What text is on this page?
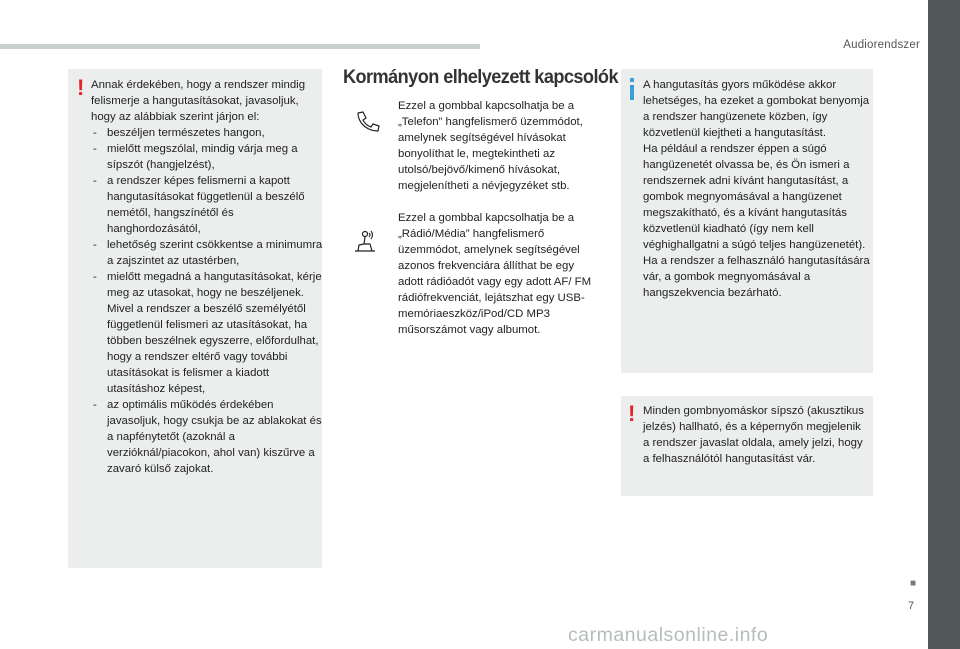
Audiorendszer
! Annak érdekében, hogy a rendszer mindig felismerje a hangutasításokat, javasoljuk, hogy az alábbiak szerint járjon el:
- beszéljen természetes hangon,
- mielőtt megszólal, mindig várja meg a sípszót (hangjelzést),
- a rendszer képes felismerni a kapott hangutasításokat függetlenül a beszélő nemétől, hangszínétől és hanghordozásától,
- lehetőség szerint csökkentse a minimumra a zajszintet az utastérben,
- mielőtt megadná a hangutasításokat, kérje meg az utasokat, hogy ne beszéljenek. Mivel a rendszer a beszélő személyétől függetlenül felismeri az utasításokat, ha többen beszélnek egyszerre, előfordulhat, hogy a rendszer eltérő vagy további utasításokat is felismer a kiadott utasításhoz képest,
- az optimális működés érdekében javasoljuk, hogy csukja be az ablakokat és a napfénytetőt (azoknál a verzióknál/piacokon, ahol van) kiszűrve a zavaró külső zajokat.
Kormányon elhelyezett kapcsolók
Ezzel a gombbal kapcsolhatja be a „Telefon” hangfelismerő üzemmódot, amelynek segítségével hívásokat bonyolíthat le, megtekintheti az utolsó/bejövő/kimenő hívásokat, megjelenítheti a névjegyzéket stb.
Ezzel a gombbal kapcsolhatja be a „Rádió/Média” hangfelismerő üzemmódot, amelynek segítségével azonos frekvenciára állíthat be egy adott rádióadót vagy egy adott AF/ FM rádiófrekvenciát, lejátszhat egy USB-memóriaeszköz/iPod/CD MP3 műsorszámot vagy albumot.
A hangutasítás gyors működése akkor lehetséges, ha ezeket a gombokat benyomja a rendszer hangüzenete közben, így közvetlenül kiejtheti a hangutasítást.
Ha például a rendszer éppen a súgó hangüzenetét olvassa be, és Ön ismeri a rendszernek adni kívánt hangutasítást, a gombok megnyomásával a hangüzenet megszakítható, és a kívánt hangutasítás közvetlenül kiadható (így nem kell véghighallgatni a súgó teljes hangüzenetét).
Ha a rendszer a felhasználó hangutasítására vár, a gombok megnyomásával a hangszekvencia bezárható.
! Minden gombnyomáskor sípszó (akusztikus jelzés) hallható, és a képernyőn megjelenik a rendszer javaslat oldala, amely jelzi, hogy a felhasználótól hangutasítást vár.
■
7
carmanualsonline.info
